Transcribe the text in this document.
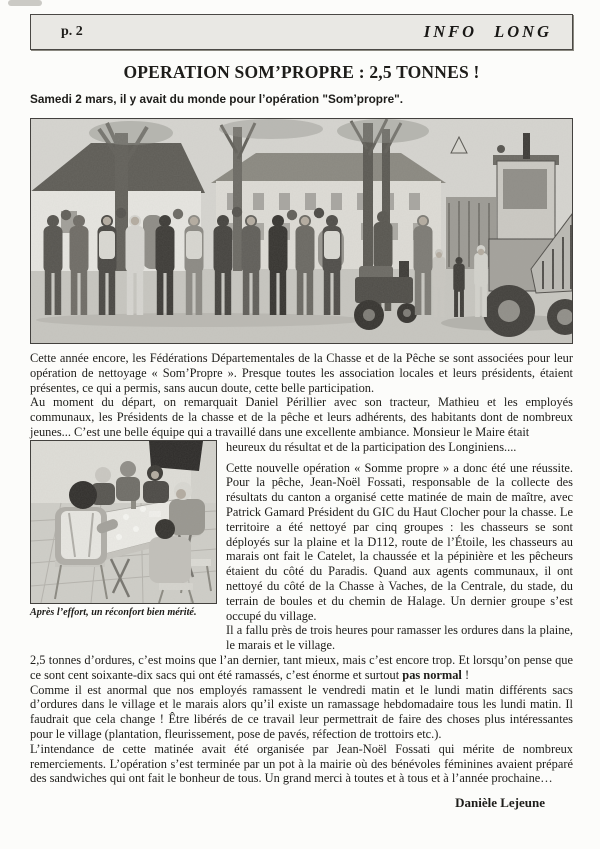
p. 2	INFO LONG
OPERATION SOM’PROPRE : 2,5 TONNES !

Samedi 2 mars, il y avait du monde pour l’opération "Som’propre".

Cette année encore, les Fédérations Départementales de la Chasse et de la Pêche se sont associées pour leur opération de nettoyage « Som’Propre ». Presque toutes les association locales et leurs présidents, étaient présentes, ce qui a permis, sans aucun doute, cette belle participation.

Au moment du départ, on remarquait Daniel Périllier avec son tracteur, Mathieu et les employés communaux, les Présidents de la chasse et de la pêche et leurs adhérents, des habitants dont de nombreux jeunes... C’est une belle équipe qui a travaillé dans une excellente ambiance. Monsieur le Maire était

Après l’effort, un réconfort bien mérité.

heureux du résultat et de la participation des Longiniens....

Cette nouvelle opération « Somme propre » a donc été une réussite. Pour la pêche, Jean-Noël Fossati, responsable de la collecte des résultats du canton a organisé cette matinée de main de maître, avec Patrick Gamard Président du GIC du Haut Clocher pour la chasse. Le territoire a été nettoyé par cinq groupes : les chasseurs se sont déployés sur la plaine et la D112, route de l’Étoile, les chasseurs au marais ont fait le Catelet, la chaussée et la pépinière et les pêcheurs étaient du côté du Paradis. Quand aux agents communaux, il ont nettoyé du côté de la Chasse à Vaches, de la Centrale, du stade, du terrain de boules et du chemin de Halage. Un dernier groupe s’est occupé du village.

Il a fallu près de trois heures pour ramasser les ordures dans la plaine, le marais et le village.

2,5 tonnes d’ordures, c’est moins que l’an dernier, tant mieux, mais c’est encore trop. Et lorsqu’on pense que ce sont cent soixante-dix sacs qui ont été ramassés, c’est énorme et surtout pas normal !

Comme il est anormal que nos employés ramassent le vendredi matin et le lundi matin différents sacs d’ordures dans le village et le marais alors qu’il existe un ramassage hebdomadaire tous les lundi matin. Il faudrait que cela change ! Être libérés de ce travail leur permettrait de faire des choses plus intéressantes pour le village (plantation, fleurissement, pose de pavés, réfection de trottoirs etc.).

L’intendance de cette matinée avait été organisée par Jean-Noël Fossati qui mérite de nombreux remerciements. L’opération s’est terminée par un pot à la mairie où des bénévoles féminines avaient préparé des sandwiches qui ont fait le bonheur de tous. Un grand merci à toutes et à tous et à l’année prochaine…

Danièle Lejeune
